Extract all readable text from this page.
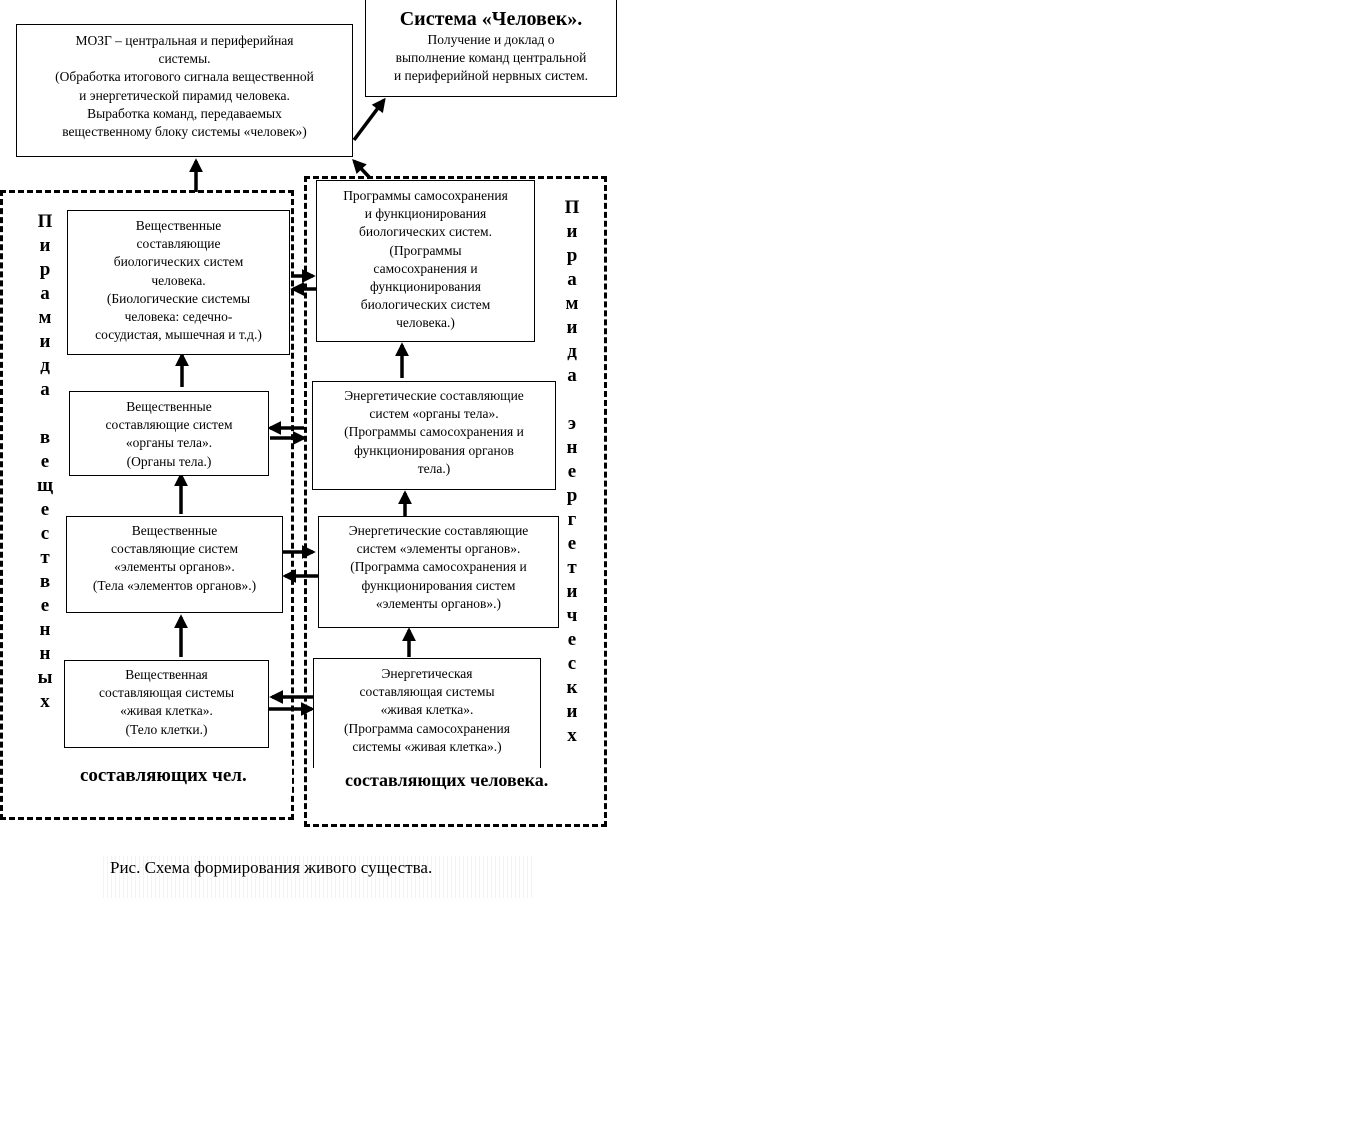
МОЗГ – центральная и периферийная
системы.
(Обработка итогового сигнала вещественной
и энергетической пирамид человека.
Выработка команд, передаваемых
вещественному блоку системы «человек»)
Система «Человек».
Получение и доклад о
выполнение команд центральной
и периферийной нервных систем.
Вещественные
составляющие
биологических систем
человека.
(Биологические системы
человека: седечно-
сосудистая, мышечная и т.д.)
Вещественные
составляющие систем
«органы тела».
(Органы тела.)
Вещественные
составляющие систем
«элементы органов».
(Тела «элементов органов».)
Вещественная
составляющая системы
«живая клетка».
(Тело клетки.)
Программы самосохранения
и функционирования
биологических систем.
(Программы
самосохранения и
функционирования
биологических систем
человека.)
Энергетические составляющие
систем «органы тела».
(Программы самосохранения и
функционирования органов
тела.)
Энергетические составляющие
систем «элементы органов».
(Программа самосохранения и
функционирования систем
«элементы органов».)
Энергетическая
составляющая системы
«живая клетка».
(Программа самосохранения
системы «живая клетка».)
П
и
р
а
м
и
д
а

в
е
щ
е
с
т
в
е
н
н
ы
х
П
и
р
а
м
и
д
а

э
н
е
р
г
е
т
и
ч
е
с
к
и
х
составляющих чел.	составляющих человека.
Рис. Схема формирования живого существа.
